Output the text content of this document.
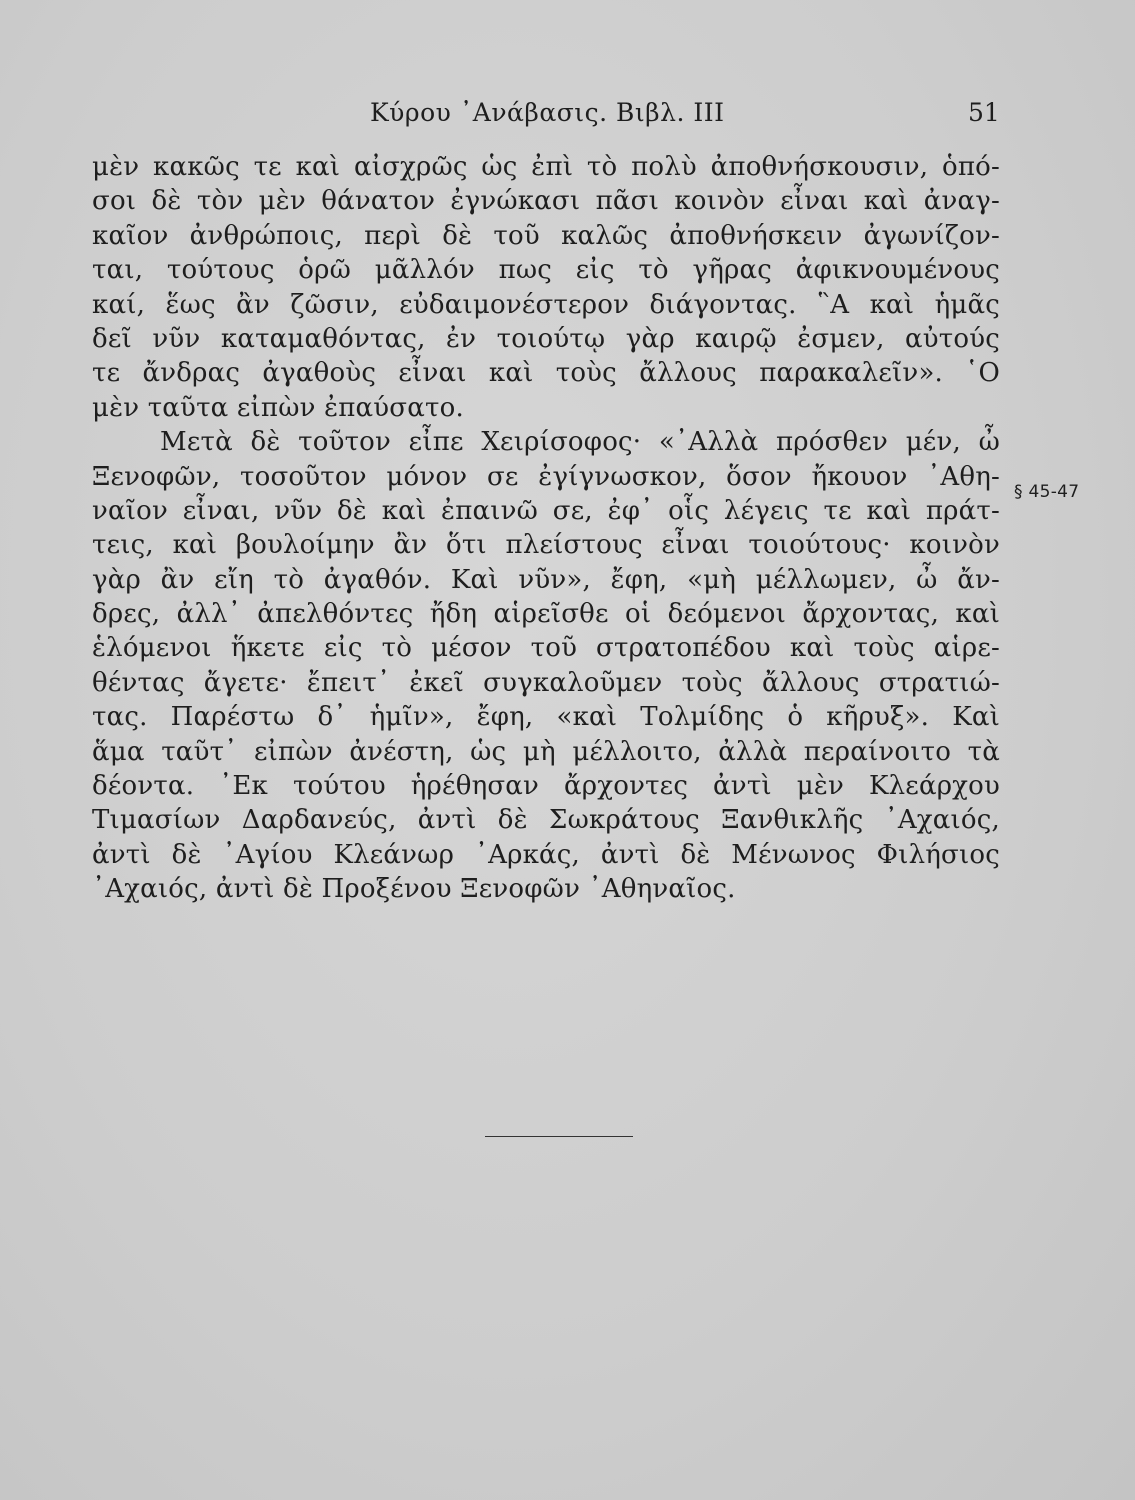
Κύρου ᾿Ανάβασις. Βιβλ. III	51
μὲν κακῶς τε καὶ αἰσχρῶς ὡς ἐπὶ τὸ πολὺ ἀποθνήσκουσιν, ὁπό-
σοι δὲ τὸν μὲν θάνατον ἐγνώκασι πᾶσι κοινὸν εἶναι καὶ ἀναγ-
καῖον ἀνθρώποις, περὶ δὲ τοῦ καλῶς ἀποθνήσκειν ἀγωνίζον-
ται, τούτους ὁρῶ μᾶλλόν πως εἰς τὸ γῆρας ἀφικνουμένους
καί, ἕως ἂν ζῶσιν, εὐδαιμονέστερον διάγοντας. ῝Α καὶ ἡμᾶς
δεῖ νῦν καταμαθόντας, ἐν τοιούτῳ γὰρ καιρῷ ἐσμεν, αὐτούς
τε ἄνδρας ἀγαθοὺς εἶναι καὶ τοὺς ἄλλους παρακαλεῖν». ῾Ο
μὲν ταῦτα εἰπὼν ἐπαύσατο.
Μετὰ δὲ τοῦτον εἶπε Χειρίσοφος· «᾿Αλλὰ πρόσθεν μέν, ὦ
Ξενοφῶν, τοσοῦτον μόνον σε ἐγίγνωσκον, ὅσον ἤκουον ᾿Αθη-
ναῖον εἶναι, νῦν δὲ καὶ ἐπαινῶ σε, ἐφ᾿ οἷς λέγεις τε καὶ πράτ-
τεις, καὶ βουλοίμην ἂν ὅτι πλείστους εἶναι τοιούτους· κοινὸν
γὰρ ἂν εἴη τὸ ἀγαθόν. Καὶ νῦν», ἔφη, «μὴ μέλλωμεν, ὦ ἄν-
δρες, ἀλλ᾿ ἀπελθόντες ἤδη αἱρεῖσθε οἱ δεόμενοι ἄρχοντας, καὶ
ἑλόμενοι ἥκετε εἰς τὸ μέσον τοῦ στρατοπέδου καὶ τοὺς αἱρε-
θέντας ἄγετε· ἔπειτ᾿ ἐκεῖ συγκαλοῦμεν τοὺς ἄλλους στρατιώ-
τας. Παρέστω δ᾿ ἡμῖν», ἔφη, «καὶ Τολμίδης ὁ κῆρυξ». Καὶ
ἅμα ταῦτ᾿ εἰπὼν ἀνέστη, ὡς μὴ μέλλοιτο, ἀλλὰ περαίνοιτο τὰ
δέοντα. ᾿Εκ τούτου ἡρέθησαν ἄρχοντες ἀντὶ μὲν Κλεάρχου
Τιμασίων Δαρδανεύς, ἀντὶ δὲ Σωκράτους Ξανθικλῆς ᾿Αχαιός,
ἀντὶ δὲ ᾿Αγίου Κλεάνωρ ᾿Αρκάς, ἀντὶ δὲ Μένωνος Φιλήσιος
᾿Αχαιός, ἀντὶ δὲ Προξένου Ξενοφῶν ᾿Αθηναῖος.
§ 45-47
